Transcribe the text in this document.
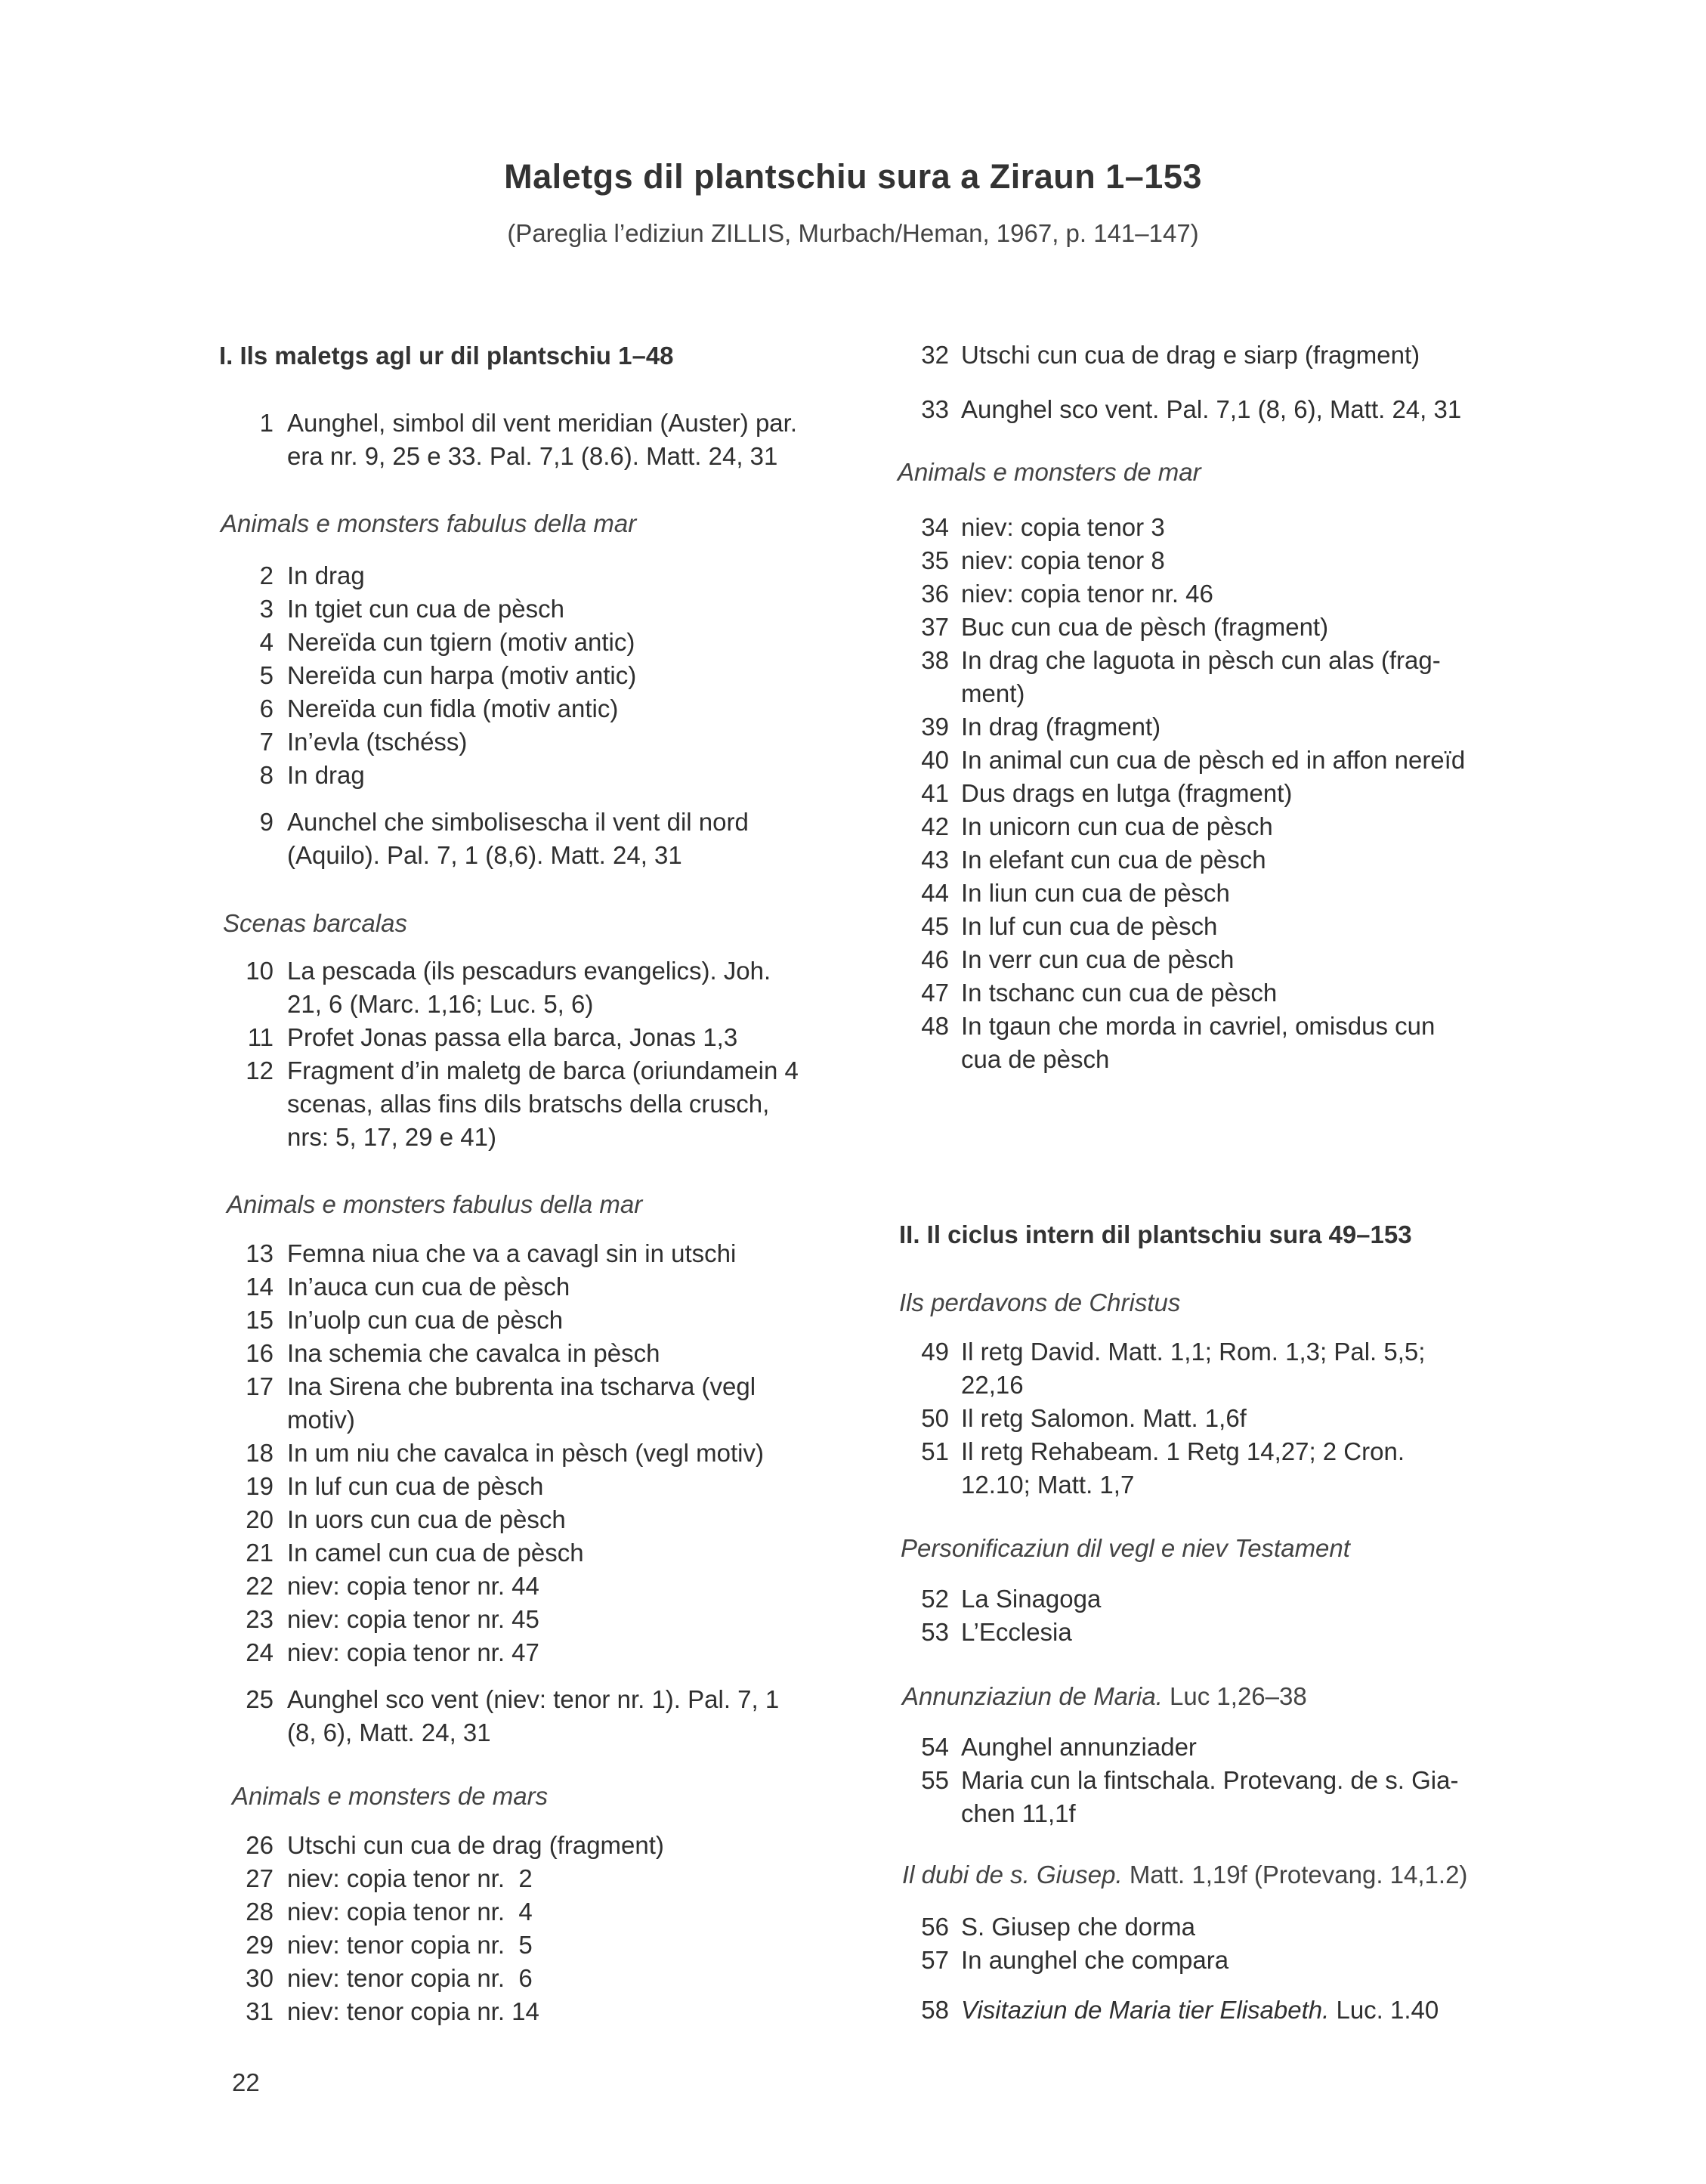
Maletgs dil plantschiu sura a Ziraun 1–153
(Pareglia l’ediziun ZILLIS, Murbach/Heman, 1967, p. 141–147)
I. Ils maletgs agl ur dil plantschiu 1–48
Animals e monsters fabulus della mar
Scenas barcalas
Animals e monsters fabulus della mar
Animals e monsters de mars
Animals e monsters de mar
II. Il ciclus intern dil plantschiu sura 49–153
Ils perdavons de Christus
Personificaziun dil vegl e niev Testament
Annunziaziun de Maria. Luc 1,26–38
Il dubi de s. Giusep. Matt. 1,19f (Protevang. 14,1.2)
1 Aunghel, simbol dil vent meridian (Auster) par.
era nr. 9, 25 e 33. Pal. 7,1 (8.6). Matt. 24, 31
2 In drag
3 In tgiet cun cua de pèsch
4 Nereïda cun tgiern (motiv antic)
5 Nereïda cun harpa (motiv antic)
6 Nereïda cun fidla (motiv antic)
7 In’evla (tschéss)
8 In drag
9 Aunchel che simbolisescha il vent dil nord
(Aquilo). Pal. 7, 1 (8,6). Matt. 24, 31
10 La pescada (ils pescadurs evangelics). Joh.
21, 6 (Marc. 1,16; Luc. 5, 6)
11 Profet Jonas passa ella barca, Jonas 1,3
12 Fragment d’in maletg de barca (oriundamein 4
scenas, allas fins dils bratschs della crusch,
nrs: 5, 17, 29 e 41)
13 Femna niua che va a cavagl sin in utschi
14 In’auca cun cua de pèsch
15 In’uolp cun cua de pèsch
16 Ina schemia che cavalca in pèsch
17 Ina Sirena che bubrenta ina tscharva (vegl
motiv)
18 In um niu che cavalca in pèsch (vegl motiv)
19 In luf cun cua de pèsch
20 In uors cun cua de pèsch
21 In camel cun cua de pèsch
22 niev: copia tenor nr. 44
23 niev: copia tenor nr. 45
24 niev: copia tenor nr. 47
25 Aunghel sco vent (niev: tenor nr. 1). Pal. 7, 1
(8, 6), Matt. 24, 31
26 Utschi cun cua de drag (fragment)
27 niev: copia tenor nr.  2
28 niev: copia tenor nr.  4
29 niev: tenor copia nr.  5
30 niev: tenor copia nr.  6
31 niev: tenor copia nr. 14
32 Utschi cun cua de drag e siarp (fragment)
33 Aunghel sco vent. Pal. 7,1 (8, 6), Matt. 24, 31
34 niev: copia tenor 3
35 niev: copia tenor 8
36 niev: copia tenor nr. 46
37 Buc cun cua de pèsch (fragment)
38 In drag che laguota in pèsch cun alas (frag-
ment)
39 In drag (fragment)
40 In animal cun cua de pèsch ed in affon nereïd
41 Dus drags en lutga (fragment)
42 In unicorn cun cua de pèsch
43 In elefant cun cua de pèsch
44 In liun cun cua de pèsch
45 In luf cun cua de pèsch
46 In verr cun cua de pèsch
47 In tschanc cun cua de pèsch
48 In tgaun che morda in cavriel, omisdus cun
cua de pèsch
49 Il retg David. Matt. 1,1; Rom. 1,3; Pal. 5,5;
22,16
50 Il retg Salomon. Matt. 1,6f
51 Il retg Rehabeam. 1 Retg 14,27; 2 Cron.
12.10; Matt. 1,7
52 La Sinagoga
53 L’Ecclesia
54 Aunghel annunziader
55 Maria cun la fintschala. Protevang. de s. Gia-
chen 11,1f
56 S. Giusep che dorma
57 In aunghel che compara
58 Visitaziun de Maria tier Elisabeth. Luc. 1.40
22
